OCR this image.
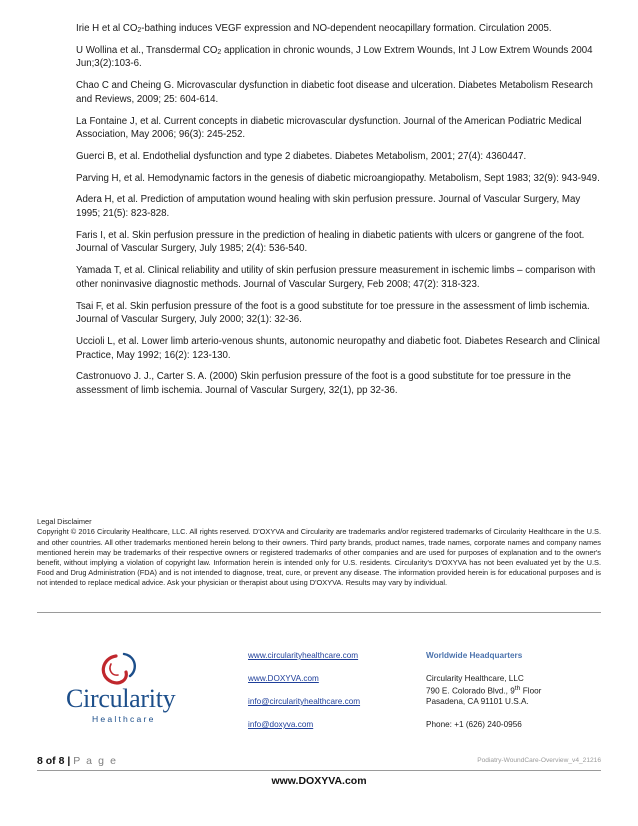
Irie H et al $CO_2$-bathing induces VEGF expression and NO-dependent neocapillary formation. Circulation 2005.

U Wollina et al., Transdermal $CO_2$ application in chronic wounds, J Low Extrem Wounds, Int J Low Extrem Wounds 2004 Jun;3(2):103-6.

Chao C and Cheing G. Microvascular dysfunction in diabetic foot disease and ulceration. Diabetes Metabolism Research and Reviews, 2009; 25: 604-614.

La Fontaine J, et al. Current concepts in diabetic microvascular dysfunction. Journal of the American Podiatric Medical Association, May 2006; 96(3): 245-252.

Guerci B, et al. Endothelial dysfunction and type 2 diabetes. Diabetes Metabolism, 2001; 27(4): 4360447.

Parving H, et al. Hemodynamic factors in the genesis of diabetic microangiopathy. Metabolism, Sept 1983; 32(9): 943-949.

Adera H, et al. Prediction of amputation wound healing with skin perfusion pressure. Journal of Vascular Surgery, May 1995; 21(5): 823-828.

Faris I, et al. Skin perfusion pressure in the prediction of healing in diabetic patients with ulcers or gangrene of the foot. Journal of Vascular Surgery, July 1985; 2(4): 536-540.

Yamada T, et al. Clinical reliability and utility of skin perfusion pressure measurement in ischemic limbs – comparison with other noninvasive diagnostic methods. Journal of Vascular Surgery, Feb 2008; 47(2): 318-323.

Tsai F, et al. Skin perfusion pressure of the foot is a good substitute for toe pressure in the assessment of limb ischemia. Journal of Vascular Surgery, July 2000; 32(1): 32-36.

Uccioli L, et al. Lower limb arterio-venous shunts, autonomic neuropathy and diabetic foot. Diabetes Research and Clinical Practice, May 1992; 16(2): 123-130.

Castronuovo J. J., Carter S. A. (2000) Skin perfusion pressure of the foot is a good substitute for toe pressure in the assessment of limb ischemia. Journal of Vascular Surgery, 32(1), pp 32-36.

Legal Disclaimer
Copyright © 2016 Circularity Healthcare, LLC. All rights reserved. D'OXYVA and Circularity are trademarks and/or registered trademarks of Circularity Healthcare in the U.S. and other countries. All other trademarks mentioned herein belong to their owners. Third party brands, product names, trade names, corporate names and company names mentioned herein may be trademarks of their respective owners or registered trademarks of other companies and are used for purposes of explanation and to the owner's benefit, without implying a violation of copyright law. Information herein is intended only for U.S. residents. Circularity's D'OXYVA has not been evaluated yet by the U.S. Food and Drug Administration (FDA) and is not intended to diagnose, treat, cure, or prevent any disease. The information provided herein is for educational purposes and is not intended to replace medical advice. Ask your physician or therapist about using D'OXYVA. Results may vary by individual.
Circularity
Healthcare
www.circularityhealthcare.com
www.DOXYVA.com
info@circularityhealthcare.com
info@doxyva.com
Worldwide Headquarters
Circularity Healthcare, LLC
790 E. Colorado Blvd., 9th Floor
Pasadena, CA 91101 U.S.A.
Phone: +1 (626) 240-0956
8 of 8 | P a g e	Podiatry-WoundCare-Overview_v4_21216
www.DOXYVA.com
